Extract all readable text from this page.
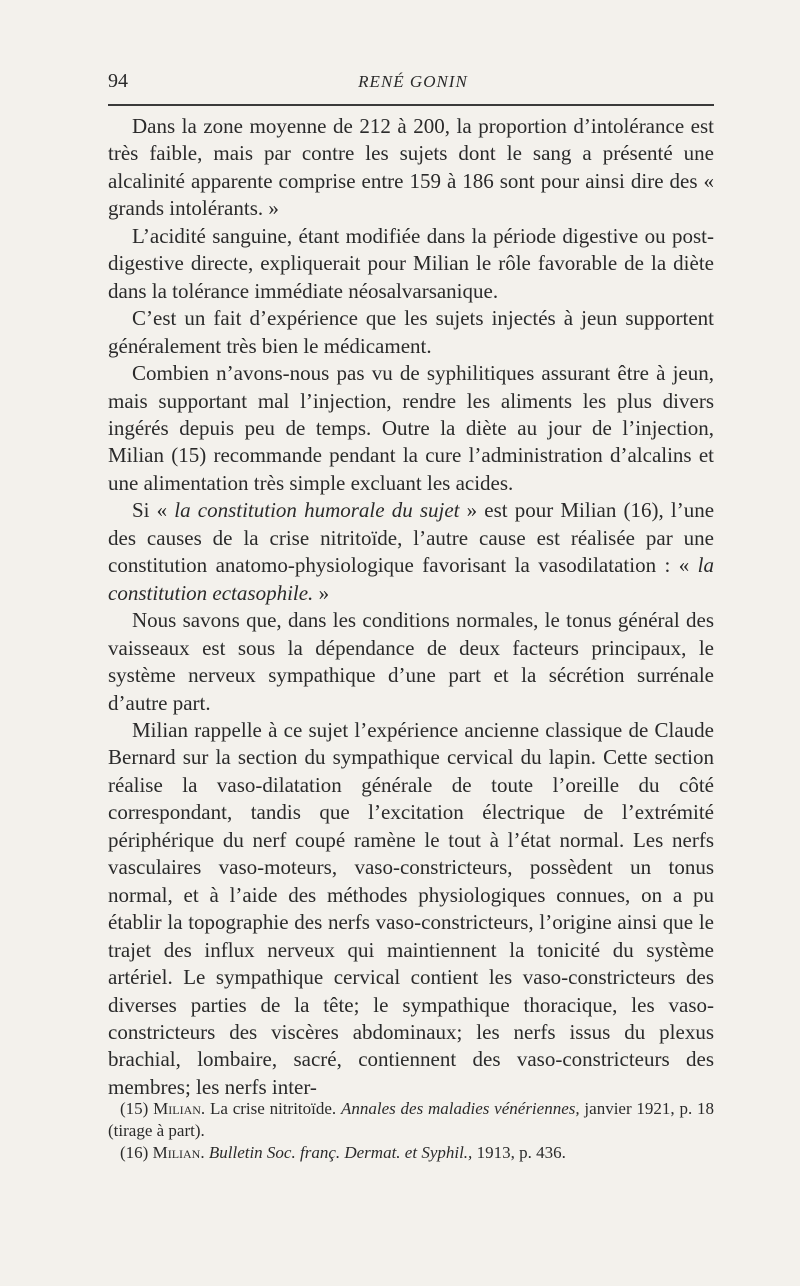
94	RENÉ GONIN

Dans la zone moyenne de 212 à 200, la proportion d’intolérance est très faible, mais par contre les sujets dont le sang a présenté une alcalinité apparente comprise entre 159 à 186 sont pour ainsi dire des « grands intolérants. »

L’acidité sanguine, étant modifiée dans la période digestive ou post-digestive directe, expliquerait pour Milian le rôle favorable de la diète dans la tolérance immédiate néosalvarsanique.

C’est un fait d’expérience que les sujets injectés à jeun supportent généralement très bien le médicament.

Combien n’avons-nous pas vu de syphilitiques assurant être à jeun, mais supportant mal l’injection, rendre les aliments les plus divers ingérés depuis peu de temps. Outre la diète au jour de l’injection, Milian (15) recommande pendant la cure l’administration d’alcalins et une alimentation très simple excluant les acides.

Si « la constitution humorale du sujet » est pour Milian (16), l’une des causes de la crise nitritoïde, l’autre cause est réalisée par une constitution anatomo-physiologique favorisant la vasodilatation : « la constitution ectasophile. »

Nous savons que, dans les conditions normales, le tonus général des vaisseaux est sous la dépendance de deux facteurs principaux, le système nerveux sympathique d’une part et la sécrétion surrénale d’autre part.

Milian rappelle à ce sujet l’expérience ancienne classique de Claude Bernard sur la section du sympathique cervical du lapin. Cette section réalise la vaso-dilatation générale de toute l’oreille du côté correspondant, tandis que l’excitation électrique de l’extrémité périphérique du nerf coupé ramène le tout à l’état normal. Les nerfs vasculaires vaso-moteurs, vaso-constricteurs, possèdent un tonus normal, et à l’aide des méthodes physiologiques connues, on a pu établir la topographie des nerfs vaso-constricteurs, l’origine ainsi que le trajet des influx nerveux qui maintiennent la tonicité du système artériel. Le sympathique cervical contient les vaso-constricteurs des diverses parties de la tête; le sympathique thoracique, les vaso-constricteurs des viscères abdominaux; les nerfs issus du plexus brachial, lombaire, sacré, contiennent des vaso-constricteurs des membres; les nerfs inter-

(15) Milian. La crise nitritoïde. Annales des maladies vénériennes, janvier 1921, p. 18 (tirage à part).

(16) Milian. Bulletin Soc. franç. Dermat. et Syphil., 1913, p. 436.
